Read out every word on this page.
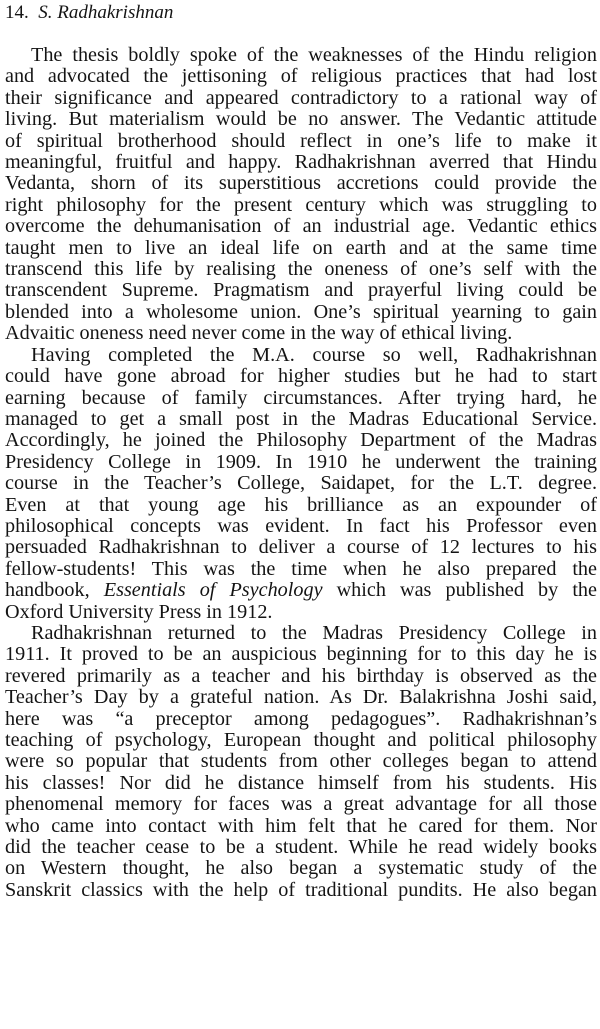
14. S. Radhakrishnan

The thesis boldly spoke of the weaknesses of the Hindu religion
and advocated the jettisoning of religious practices that had lost
their significance and appeared contradictory to a rational way of
living. But materialism would be no answer. The Vedantic attitude
of spiritual brotherhood should reflect in one’s life to make it
meaningful, fruitful and happy. Radhakrishnan averred that Hindu
Vedanta, shorn of its superstitious accretions could provide the
right philosophy for the present century which was struggling to
overcome the dehumanisation of an industrial age. Vedantic ethics
taught men to live an ideal life on earth and at the same time
transcend this life by realising the oneness of one’s self with the
transcendent Supreme. Pragmatism and prayerful living could be
blended into a wholesome union. One’s spiritual yearning to gain
Advaitic oneness need never come in the way of ethical living.

Having completed the M.A. course so well, Radhakrishnan
could have gone abroad for higher studies but he had to start
earning because of family circumstances. After trying hard, he
managed to get a small post in the Madras Educational Service.
Accordingly, he joined the Philosophy Department of the Madras
Presidency College in 1909. In 1910 he underwent the training
course in the Teacher’s College, Saidapet, for the L.T. degree.
Even at that young age his brilliance as an expounder of
philosophical concepts was evident. In fact his Professor even
persuaded Radhakrishnan to deliver a course of 12 lectures to his
fellow-students! This was the time when he also prepared the
handbook, Essentials of Psychology which was published by the
Oxford University Press in 1912.

Radhakrishnan returned to the Madras Presidency College in
1911. It proved to be an auspicious beginning for to this day he is
revered primarily as a teacher and his birthday is observed as the
Teacher’s Day by a grateful nation. As Dr. Balakrishna Joshi said,
here was “a preceptor among pedagogues”. Radhakrishnan’s
teaching of psychology, European thought and political philosophy
were so popular that students from other colleges began to attend
his classes! Nor did he distance himself from his students. His
phenomenal memory for faces was a great advantage for all those
who came into contact with him felt that he cared for them. Nor
did the teacher cease to be a student. While he read widely books
on Western thought, he also began a systematic study of the
Sanskrit classics with the help of traditional pundits. He also began
